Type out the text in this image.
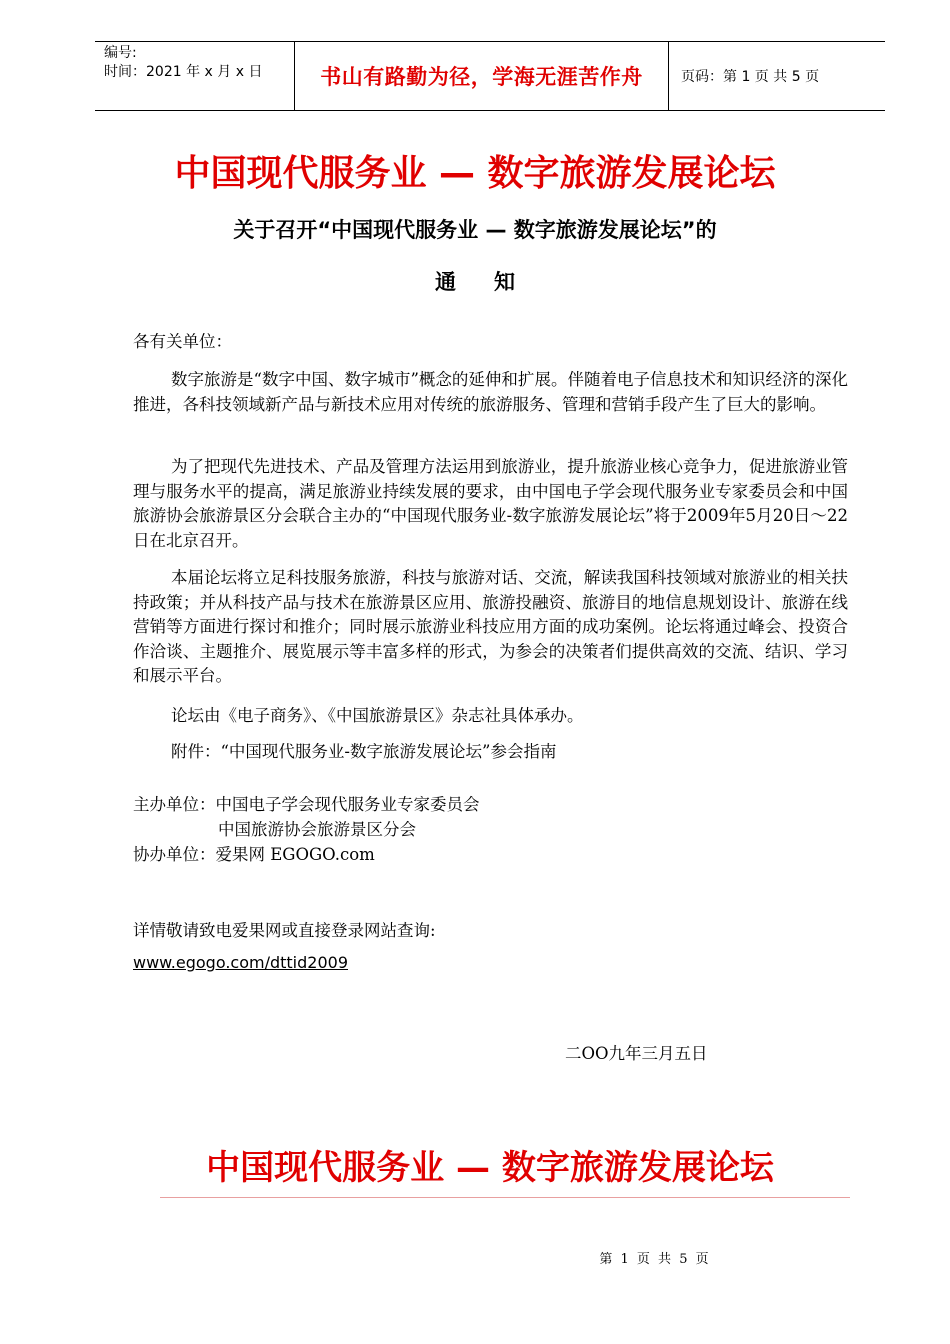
编号:
时间：2021 年 x 月 x 日	书山有路勤为径，学海无涯苦作舟	页码：第 1 页 共 5 页
中国现代服务业 — 数字旅游发展论坛
关于召开“中国现代服务业 — 数字旅游发展论坛”的
通知
各有关单位：

数字旅游是“数字中国、数字城市”概念的延伸和扩展。伴随着电子信息技术和知识经济的深化推进，各科技领域新产品与新技术应用对传统的旅游服务、管理和营销手段产生了巨大的影响。

为了把现代先进技术、产品及管理方法运用到旅游业，提升旅游业核心竞争力，促进旅游业管理与服务水平的提高，满足旅游业持续发展的要求，由中国电子学会现代服务业专家委员会和中国旅游协会旅游景区分会联合主办的“中国现代服务业-数字旅游发展论坛”将于2009年5月20日～22日在北京召开。

本届论坛将立足科技服务旅游，科技与旅游对话、交流，解读我国科技领域对旅游业的相关扶持政策；并从科技产品与技术在旅游景区应用、旅游投融资、旅游目的地信息规划设计、旅游在线营销等方面进行探讨和推介；同时展示旅游业科技应用方面的成功案例。论坛将通过峰会、投资合作洽谈、主题推介、展览展示等丰富多样的形式，为参会的决策者们提供高效的交流、结识、学习和展示平台。

论坛由《电子商务》、《中国旅游景区》杂志社具体承办。

附件：“中国现代服务业-数字旅游发展论坛”参会指南

主办单位：中国电子学会现代服务业专家委员会
中国旅游协会旅游景区分会
协办单位：爱果网 EGOGO.com
详情敬请致电爱果网或直接登录网站查询:
www.egogo.com/dttid2009
二OO九年三月五日
中国现代服务业 — 数字旅游发展论坛
第 1 页 共 5 页
